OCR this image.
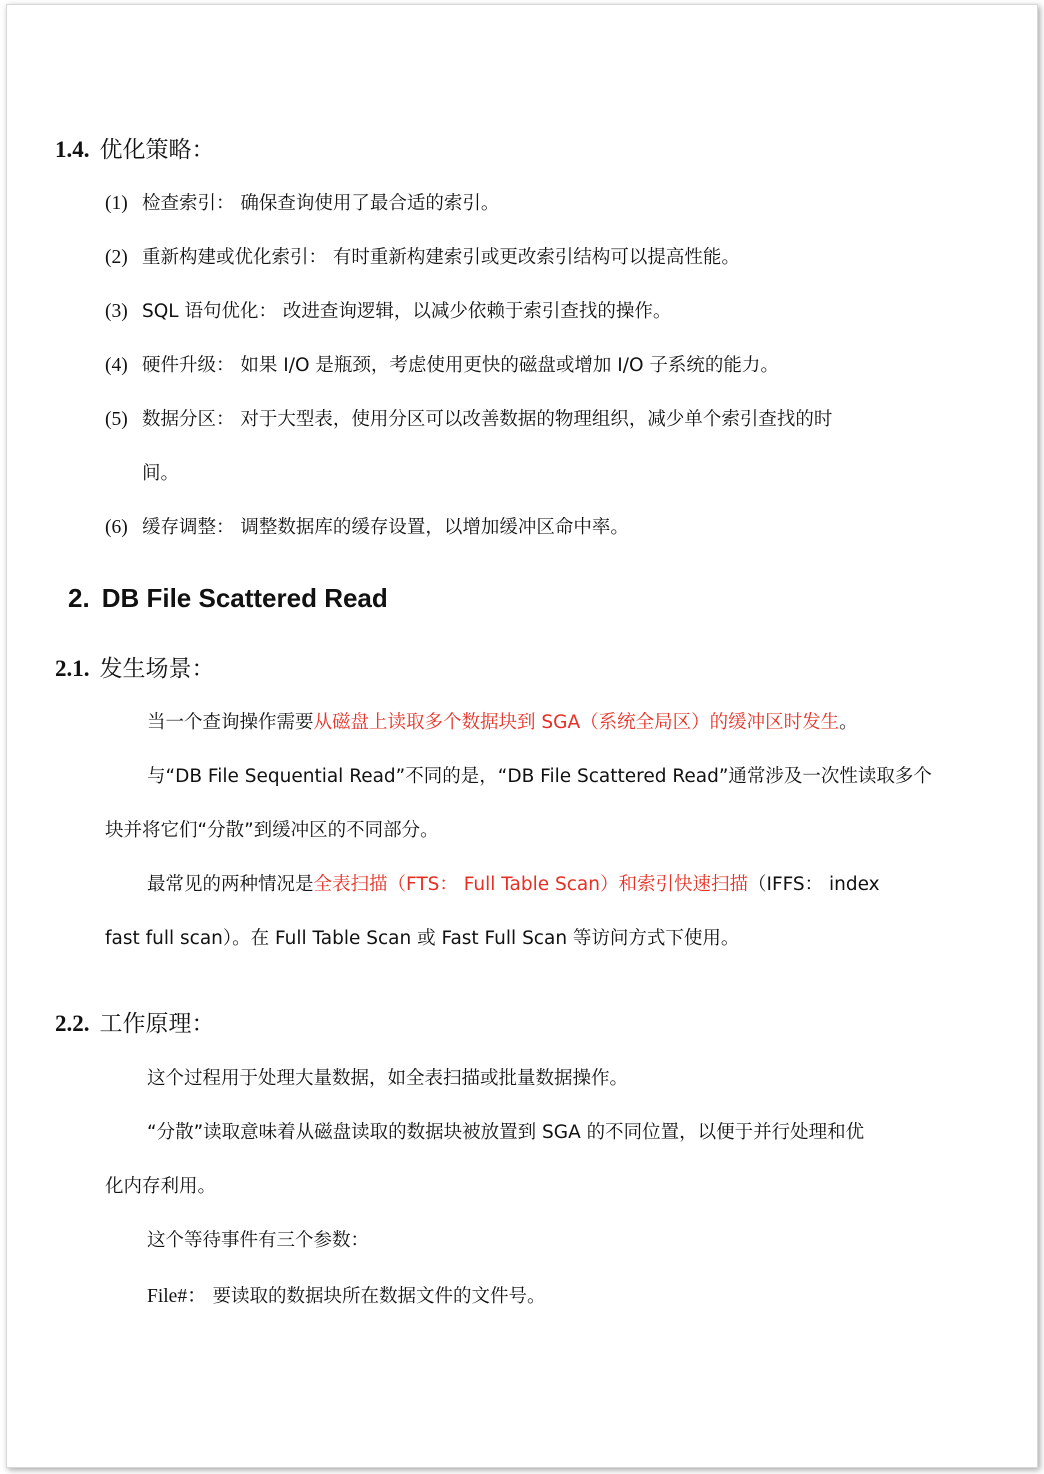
1.4. 优化策略：
(1) 检查索引： 确保查询使用了最合适的索引。
(2) 重新构建或优化索引： 有时重新构建索引或更改索引结构可以提高性能。
(3) SQL 语句优化： 改进查询逻辑，以减少依赖于索引查找的操作。
(4) 硬件升级： 如果 I/O 是瓶颈，考虑使用更快的磁盘或增加 I/O 子系统的能力。
(5) 数据分区： 对于大型表，使用分区可以改善数据的物理组织，减少单个索引查找的时
间。
(6) 缓存调整： 调整数据库的缓存设置，以增加缓冲区命中率。
2. DB File Scattered Read
2.1. 发生场景：
当一个查询操作需要从磁盘上读取多个数据块到 SGA（系统全局区）的缓冲区时发生。
与“DB File Sequential Read”不同的是，“DB File Scattered Read”通常涉及一次性读取多个
块并将它们“分散”到缓冲区的不同部分。
最常见的两种情况是全表扫描（FTS： Full Table Scan）和索引快速扫描（IFFS： index
fast full scan）。在 Full Table Scan 或 Fast Full Scan 等访问方式下使用。
2.2. 工作原理：
这个过程用于处理大量数据，如全表扫描或批量数据操作。
“分散”读取意味着从磁盘读取的数据块被放置到 SGA 的不同位置，以便于并行处理和优
化内存利用。
这个等待事件有三个参数：
File#： 要读取的数据块所在数据文件的文件号。
